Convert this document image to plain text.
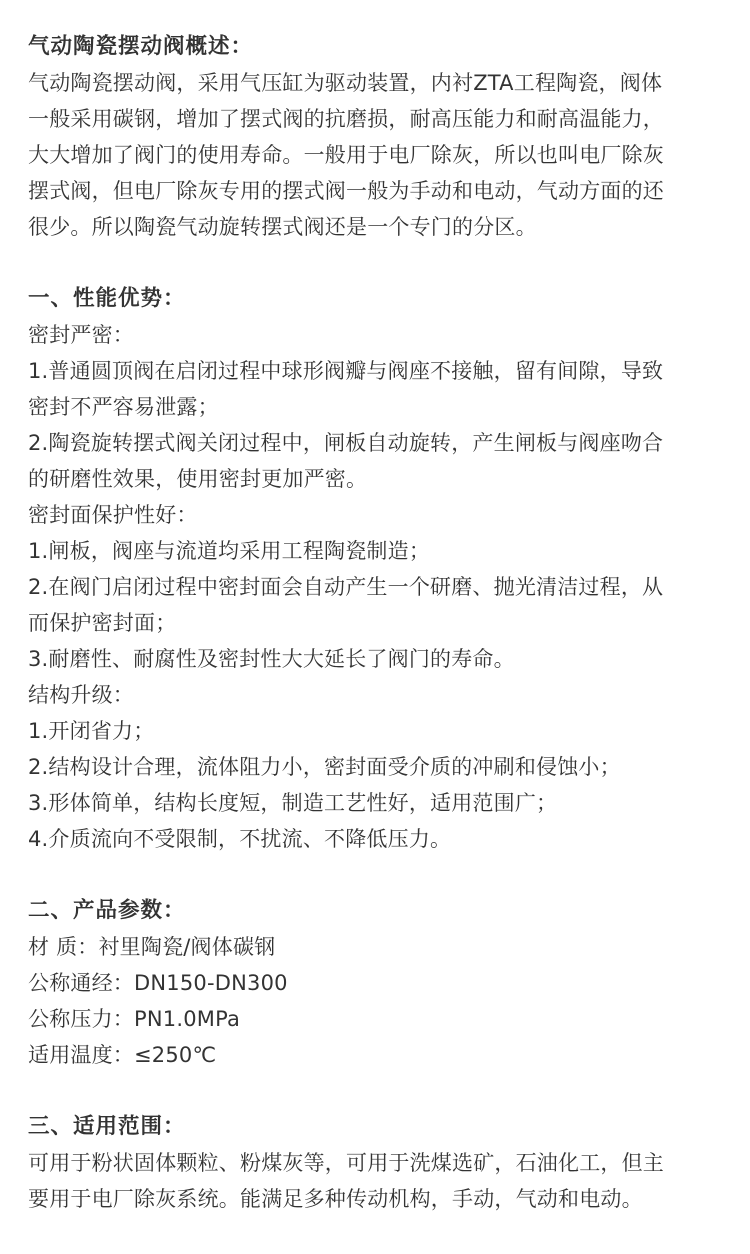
气动陶瓷摆动阀概述：
气动陶瓷摆动阀，采用气压缸为驱动装置，内衬ZTA工程陶瓷，阀体
一般采用碳钢，增加了摆式阀的抗磨损，耐高压能力和耐高温能力，
大大增加了阀门的使用寿命。一般用于电厂除灰，所以也叫电厂除灰
摆式阀，但电厂除灰专用的摆式阀一般为手动和电动，气动方面的还
很少。所以陶瓷气动旋转摆式阀还是一个专门的分区。
一、性能优势：
密封严密：
1.普通圆顶阀在启闭过程中球形阀瓣与阀座不接触，留有间隙，导致
密封不严容易泄露；
2.陶瓷旋转摆式阀关闭过程中，闸板自动旋转，产生闸板与阀座吻合
的研磨性效果，使用密封更加严密。
密封面保护性好：
1.闸板，阀座与流道均采用工程陶瓷制造；
2.在阀门启闭过程中密封面会自动产生一个研磨、抛光清洁过程，从
而保护密封面；
3.耐磨性、耐腐性及密封性大大延长了阀门的寿命。
结构升级：
1.开闭省力；
2.结构设计合理，流体阻力小，密封面受介质的冲刷和侵蚀小；
3.形体简单，结构长度短，制造工艺性好，适用范围广；
4.介质流向不受限制，不扰流、不降低压力。
二、产品参数：
材 质：衬里陶瓷/阀体碳钢
公称通经：DN150-DN300
公称压力：PN1.0MPa
适用温度：≤250℃
三、适用范围：
可用于粉状固体颗粒、粉煤灰等，可用于洗煤选矿，石油化工，但主
要用于电厂除灰系统。能满足多种传动机构，手动，气动和电动。
